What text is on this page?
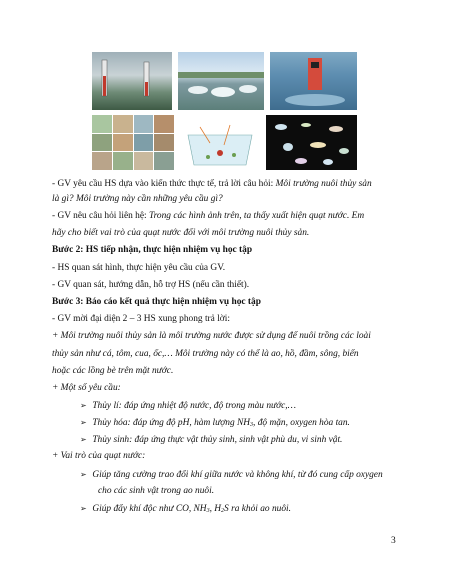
- GV yêu cầu HS dựa vào kiến thức thực tế, trả lời câu hỏi: Môi trường nuôi thủy sản

là gì? Môi trường này cần những yêu cầu gì?

- GV nêu câu hỏi liên hệ: Trong các hình ảnh trên, ta thấy xuất hiện quạt nước. Em

hãy cho biết vai trò của quạt nước đối với môi trường nuôi thủy sản.

Bước 2: HS tiếp nhận, thực hiện nhiệm vụ học tập

- HS quan sát hình, thực hiện yêu cầu của GV.

- GV quan sát, hướng dẫn, hỗ trợ HS (nếu cần thiết).

Bước 3: Báo cáo kết quả thực hiện nhiệm vụ học tập

- GV mời đại diện 2 – 3 HS xung phong trả lời:

+ Môi trường nuôi thủy sản là môi trường nước được sử dụng để nuôi trồng các loài

thủy sản như cá, tôm, cua, ốc,… Môi trường này có thể là ao, hồ, đầm, sông, biển

hoặc các lồng bè trên mặt nước.

+ Một số yêu cầu:

+ Vai trò của quạt nước:

➢ Thủy lí: đáp ứng nhiệt độ nước, độ trong màu nước,…
➢ Thủy hóa: đáp ứng độ pH, hàm lượng $NH_3$, độ mặn, oxygen hòa tan.
➢ Thủy sinh: đáp ứng thực vật thủy sinh, sinh vật phù du, vi sinh vật.
➢ Giúp tăng cường trao đổi khí giữa nước và không khí, từ đó cung cấp oxygen
cho các sinh vật trong ao nuôi.
➢ Giúp đẩy khí độc như CO, $NH_3$, $H_2S$ ra khỏi ao nuôi.
3
